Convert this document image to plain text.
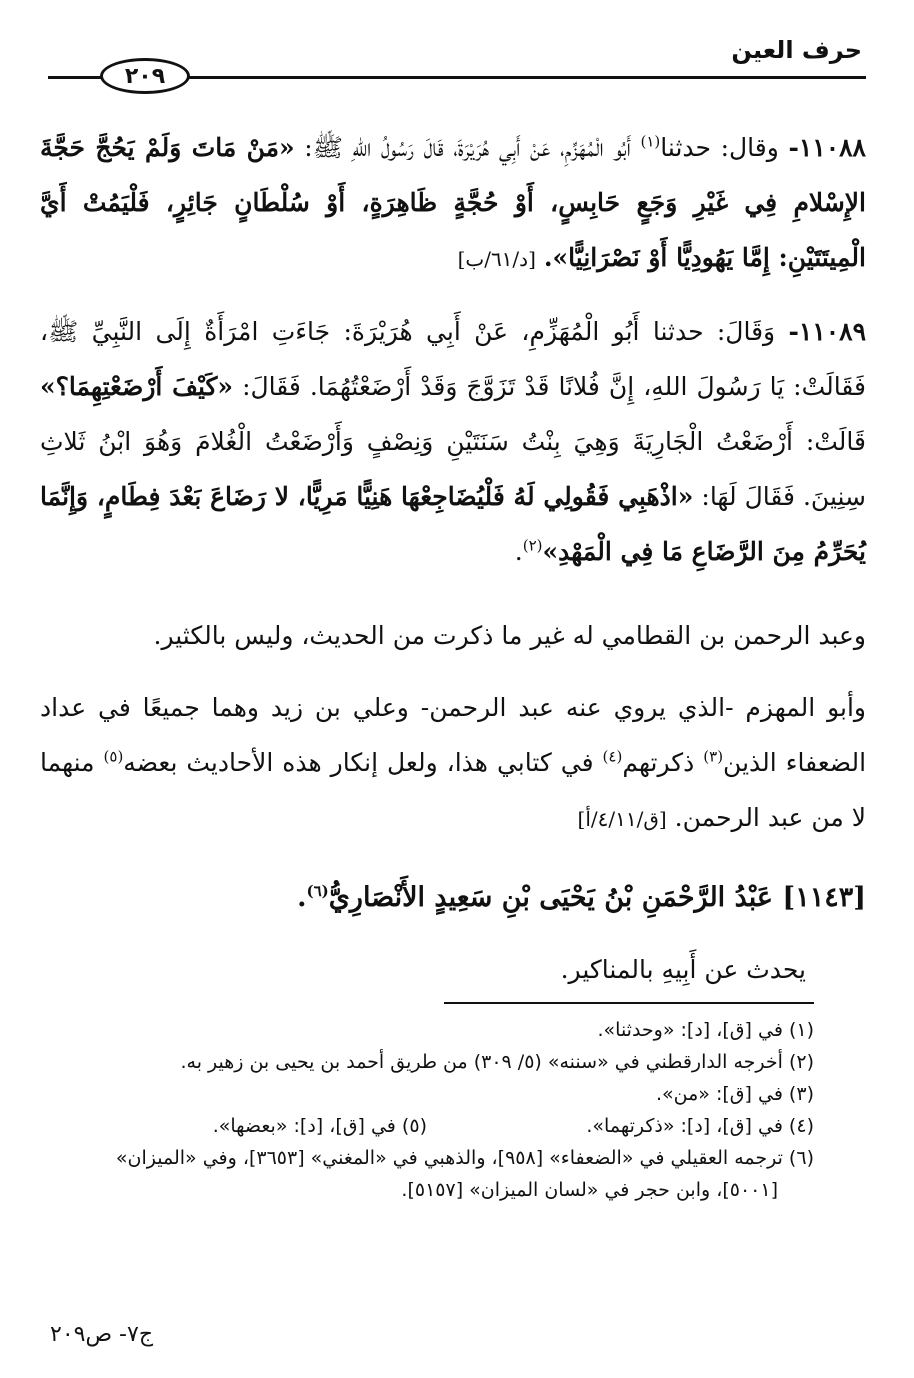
حرف العين
٢٠٩

١١٠٨٨- وقال: حدثنا$^{(١)}$ أَبُو الْمُهَزِّمِ، عَنْ أَبِي هُرَيْرَةَ، قَالَ رَسُولُ اللهِ ﷺ: «مَنْ مَاتَ وَلَمْ يَحُجَّ حَجَّةَ الإِسْلامِ فِي غَيْرِ وَجَعٍ حَابِسٍ، أَوْ حُجَّةٍ ظَاهِرَةٍ، أَوْ سُلْطَانٍ جَائِرٍ، فَلْيَمُتْ أَيَّ الْمِيتَتَيْنِ: إِمَّا يَهُودِيًّا أَوْ نَصْرَانِيًّا». [د/٦١/ب]

١١٠٨٩- وَقَالَ: حدثنا أَبُو الْمُهَزِّمِ، عَنْ أَبِي هُرَيْرَةَ: جَاءَتِ امْرَأَةٌ إِلَى النَّبِيِّ ﷺ، فَقَالَتْ: يَا رَسُولَ اللهِ، إِنَّ فُلانًا قَدْ تَزَوَّجَ وَقَدْ أَرْضَعْتُهُمَا. فَقَالَ: «كَيْفَ أَرْضَعْتِهِمَا؟» قَالَتْ: أَرْضَعْتُ الْجَارِيَةَ وَهِيَ بِنْتُ سَنَتَيْنِ وَنِصْفٍ وَأَرْضَعْتُ الْغُلامَ وَهُوَ ابْنُ ثَلاثِ سِنِينَ. فَقَالَ لَهَا: «اذْهَبِي فَقُولِي لَهُ فَلْيُضَاجِعْهَا هَنِيًّا مَرِيًّا، لا رَضَاعَ بَعْدَ فِطَامٍ، وَإِنَّمَا يُحَرِّمُ مِنَ الرَّضَاعِ مَا فِي الْمَهْدِ»$^{(٢)}$.

وعبد الرحمن بن القطامي له غير ما ذكرت من الحديث، وليس بالكثير.

وأبو المهزم -الذي يروي عنه عبد الرحمن- وعلي بن زيد وهما جميعًا في عداد الضعفاء الذين$^{(٣)}$ ذكرتهم$^{(٤)}$ في كتابي هذا، ولعل إنكار هذه الأحاديث بعضه$^{(٥)}$ منهما لا من عبد الرحمن. [ق/٤/١١/أ]

[١١٤٣] عَبْدُ الرَّحْمَنِ بْنُ يَحْيَى بْنِ سَعِيدٍ الأَنْصَارِيُّ$^{(٦)}$.

يحدث عن أَبِيهِ بالمناكير.

(١) في [ق]، [د]: «وحدثنا».
(٢) أخرجه الدارقطني في «سننه» (٥/ ٣٠٩) من طريق أحمد بن يحيى بن زهير به.
(٣) في [ق]: «من».
(٤) في [ق]، [د]: «ذكرتهما».
(٥) في [ق]، [د]: «بعضها».
(٦) ترجمه العقيلي في «الضعفاء» [٩٥٨]، والذهبي في «المغني» [٣٦٥٣]، وفي «الميزان»
[٥٠٠١]، وابن حجر في «لسان الميزان» [٥١٥٧].
ج٧- ص٢٠٩
